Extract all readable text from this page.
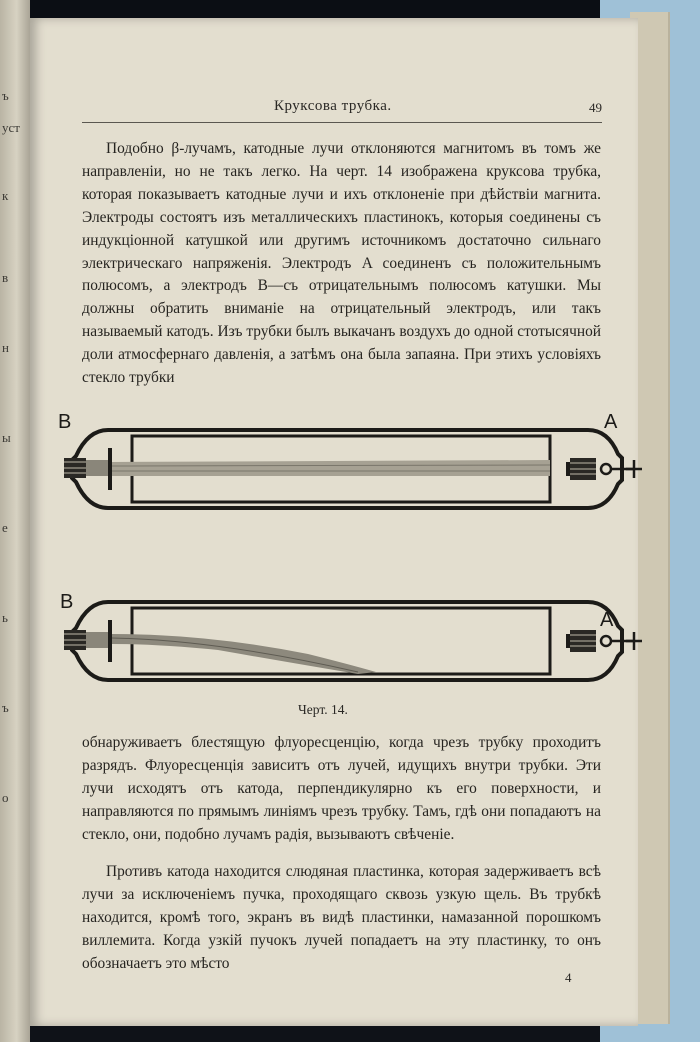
ъ
уст
к
в
н
ы
е
ь
ъ
о
Круксова трубка.	49

Подобно β-лучамъ, катодные лучи отклоняются магнитомъ въ томъ же направленіи, но не такъ легко. На черт. 14 изображена круксова трубка, которая показываетъ катодные лучи и ихъ отклоненіе при дѣйствіи магнита. Электроды состоятъ изъ металлическихъ пластинокъ, которыя соединены съ индукціонной катушкой или другимъ источникомъ достаточно сильнаго электрическаго напряженія. Электродъ A соединенъ съ положительнымъ полюсомъ, а электродъ B—съ отрицательнымъ полюсомъ катушки. Мы должны обратить вниманіе на отрицательный электродъ, или такъ называемый катодъ. Изъ трубки былъ выкачанъ воздухъ до одной стотысячной доли атмосфернаго давленія, а затѣмъ она была запаяна. При этихъ условіяхъ стекло трубки

B	A
B
A
Черт. 14.

обнаруживаетъ блестящую флуоресценцію, когда чрезъ трубку проходитъ разрядъ. Флуоресценція зависитъ отъ лучей, идущихъ внутри трубки. Эти лучи исходятъ отъ катода, перпендикулярно къ его поверхности, и направляются по прямымъ линіямъ чрезъ трубку. Тамъ, гдѣ они попадаютъ на стекло, они, подобно лучамъ радія, вызываютъ свѣченіе.

Противъ катода находится слюдяная пластинка, которая задерживаетъ всѣ лучи за исключеніемъ пучка, проходящаго сквозь узкую щель. Въ трубкѣ находится, кромѣ того, экранъ въ видѣ пластинки, намазанной порошкомъ виллемита. Когда узкій пучокъ лучей попадаетъ на эту пластинку, то онъ обозначаетъ это мѣсто

4
